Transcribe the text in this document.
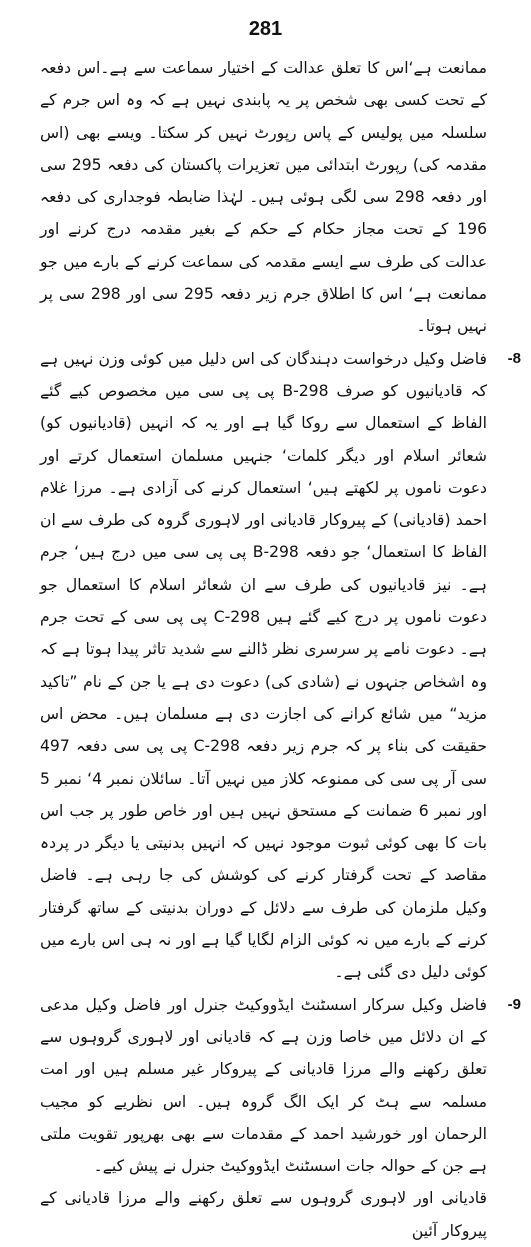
281

ممانعت ہے‘اس کا تعلق عدالت کے اختیار سماعت سے ہے۔اس دفعہ کے تحت کسی بھی شخص پر یہ پابندی نہیں ہے کہ وہ اس جرم کے سلسلہ میں پولیس کے پاس رپورٹ نہیں کر سکتا۔ ویسے بھی (اس مقدمہ کی) رپورٹ ابتدائی میں تعزیرات پاکستان کی دفعہ 295 سی اور دفعہ 298 سی لگی ہوئی ہیں۔ لہٰذا ضابطہ فوجداری کی دفعہ 196 کے تحت مجاز حکام کے حکم کے بغیر مقدمہ درج کرنے اور عدالت کی طرف سے ایسے مقدمہ کی سماعت کرنے کے بارے میں جو ممانعت ہے‘ اس کا اطلاق جرم زیر دفعہ 295 سی اور 298 سی پر نہیں ہوتا۔

-8
فاضل وکیل درخواست دہندگان کی اس دلیل میں کوئی وزن نہیں ہے کہ قادیانیوں کو صرف 298-B پی پی سی میں مخصوص کیے گئے الفاظ کے استعمال سے روکا گیا ہے اور یہ کہ انہیں (قادیانیوں کو) شعائر اسلام اور دیگر کلمات‘ جنہیں مسلمان استعمال کرتے اور دعوت ناموں پر لکھتے ہیں‘ استعمال کرنے کی آزادی ہے۔ مرزا غلام احمد (قادیانی) کے پیروکار قادیانی اور لاہوری گروہ کی طرف سے ان الفاظ کا استعمال‘ جو دفعہ 298-B پی پی سی میں درج ہیں‘ جرم ہے۔ نیز قادیانیوں کی طرف سے ان شعائر اسلام کا استعمال جو دعوت ناموں پر درج کیے گئے ہیں 298-C پی پی سی کے تحت جرم ہے۔ دعوت نامے پر سرسری نظر ڈالنے سے شدید تاثر پیدا ہوتا ہے کہ وہ اشخاص جنہوں نے (شادی کی) دعوت دی ہے یا جن کے نام ”تاکید مزید“ میں شائع کرانے کی اجازت دی ہے مسلمان ہیں۔ محض اس حقیقت کی بناء پر کہ جرم زیر دفعہ 298-C پی پی سی دفعہ 497 سی آر پی سی کی ممنوعہ کلاز میں نہیں آتا۔ سائلان نمبر 4‘ نمبر 5 اور نمبر 6 ضمانت کے مستحق نہیں ہیں اور خاص طور پر جب اس بات کا بھی کوئی ثبوت موجود نہیں کہ انہیں بدنیتی یا دیگر در پردہ مقاصد کے تحت گرفتار کرنے کی کوشش کی جا رہی ہے۔ فاضل وکیل ملزمان کی طرف سے دلائل کے دوران بدنیتی کے ساتھ گرفتار کرنے کے بارے میں نہ کوئی الزام لگایا گیا ہے اور نہ ہی اس بارے میں کوئی دلیل دی گئی ہے۔

-9
فاضل وکیل سرکار اسسٹنٹ ایڈووکیٹ جنرل اور فاضل وکیل مدعی کے ان دلائل میں خاصا وزن ہے کہ قادیانی اور لاہوری گروہوں سے تعلق رکھنے والے مرزا قادیانی کے پیروکار غیر مسلم ہیں اور امت مسلمہ سے ہٹ کر ایک الگ گروہ ہیں۔ اس نظریے کو مجیب الرحمان اور خورشید احمد کے مقدمات سے بھی بھرپور تقویت ملتی ہے جن کے حوالہ جات اسسٹنٹ ایڈووکیٹ جنرل نے پیش کیے۔

قادیانی اور لاہوری گروہوں سے تعلق رکھنے والے مرزا قادیانی کے پیروکار آئین
